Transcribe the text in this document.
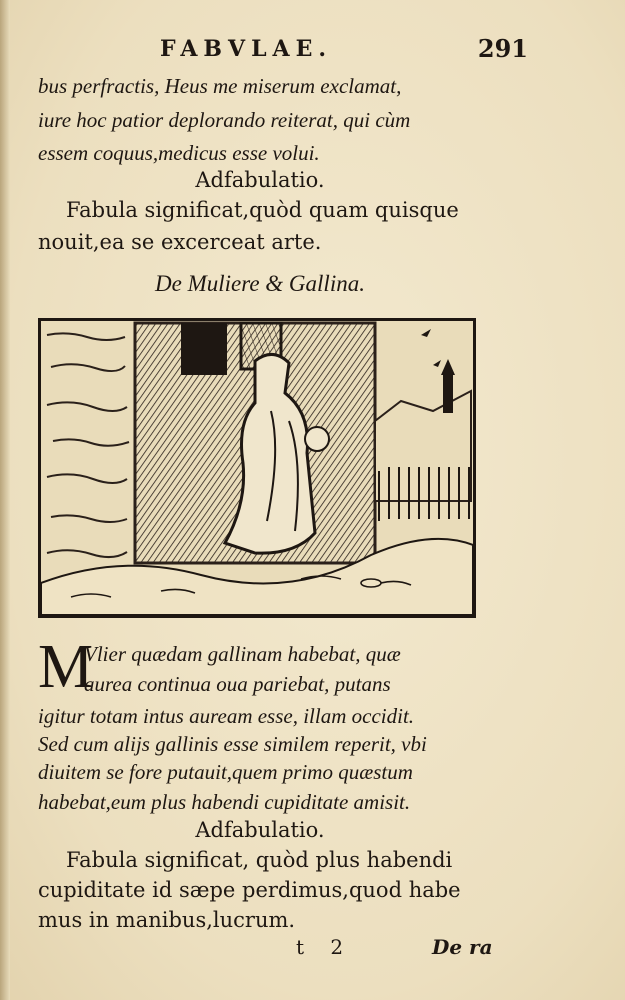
FABVLAE.	291
bus perfractis, Heus me miserum exclamat,
iure hoc patior deplorando reiterat, qui cùm
essem coquus,medicus esse volui.
Adfabulatio.
Fabula significat,quòd quam quisque
nouit,ea se excerceat arte.
De Muliere & Gallina.
M
Vlier quædam gallinam habebat, quæ
aurea continua oua pariebat, putans
igitur totam intus auream esse, illam occidit.
Sed cum alijs gallinis esse similem reperit, vbi
diuitem se fore putauit,quem primo quæstum
habebat,eum plus habendi cupiditate amisit.
Adfabulatio.
Fabula significat, quòd plus habendi
cupiditate id sæpe perdimus,quod habe
mus in manibus,lucrum.
t 2	De ra
